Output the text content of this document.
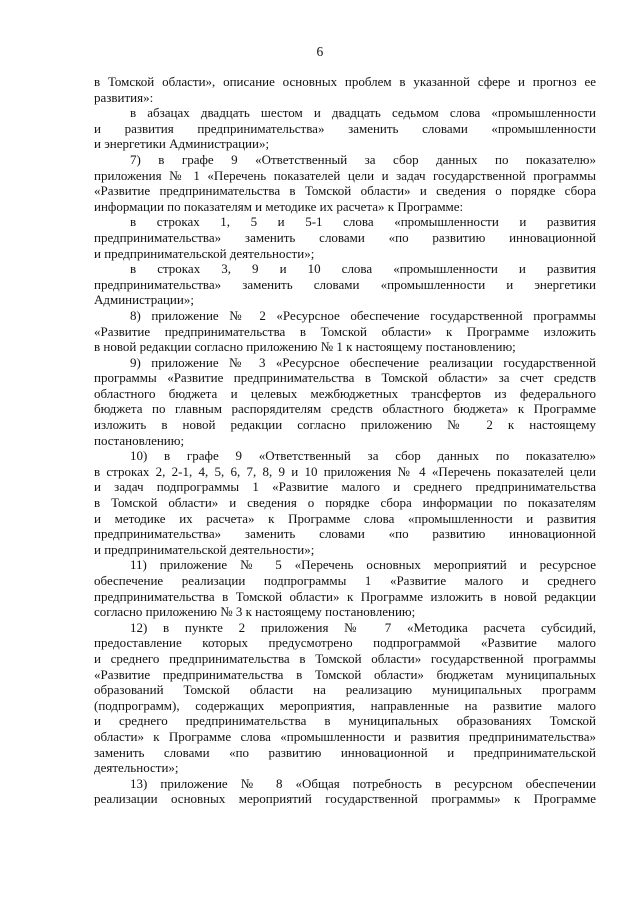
6
в Томской области», описание основных проблем в указанной сфере и прогноз ее
развития»:
в абзацах двадцать шестом и двадцать седьмом слова «промышленности
и развития предпринимательства» заменить словами «промышленности
и энергетики Администрации»;
7) в графе 9 «Ответственный за сбор данных по показателю»
приложения № 1 «Перечень показателей цели и задач государственной программы
«Развитие предпринимательства в Томской области» и сведения о порядке сбора
информации по показателям и методике их расчета» к Программе:
в строках 1, 5 и 5-1 слова «промышленности и развития
предпринимательства» заменить словами «по развитию инновационной
и предпринимательской деятельности»;
в строках 3, 9 и 10 слова «промышленности и развития
предпринимательства» заменить словами «промышленности и энергетики
Администрации»;
8) приложение № 2 «Ресурсное обеспечение государственной программы
«Развитие предпринимательства в Томской области» к Программе изложить
в новой редакции согласно приложению № 1 к настоящему постановлению;
9) приложение № 3 «Ресурсное обеспечение реализации государственной
программы «Развитие предпринимательства в Томской области» за счет средств
областного бюджета и целевых межбюджетных трансфертов из федерального
бюджета по главным распорядителям средств областного бюджета» к Программе
изложить в новой редакции согласно приложению № 2 к настоящему
постановлению;
10) в графе 9 «Ответственный за сбор данных по показателю»
в строках 2, 2-1, 4, 5, 6, 7, 8, 9 и 10 приложения № 4 «Перечень показателей цели
и задач подпрограммы 1 «Развитие малого и среднего предпринимательства
в Томской области» и сведения о порядке сбора информации по показателям
и методике их расчета» к Программе слова «промышленности и развития
предпринимательства» заменить словами «по развитию инновационной
и предпринимательской деятельности»;
11) приложение № 5 «Перечень основных мероприятий и ресурсное
обеспечение реализации подпрограммы 1 «Развитие малого и среднего
предпринимательства в Томской области» к Программе изложить в новой редакции
согласно приложению № 3 к настоящему постановлению;
12) в пункте 2 приложения № 7 «Методика расчета субсидий,
предоставление которых предусмотрено подпрограммой «Развитие малого
и среднего предпринимательства в Томской области» государственной программы
«Развитие предпринимательства в Томской области» бюджетам муниципальных
образований Томской области на реализацию муниципальных программ
(подпрограмм), содержащих мероприятия, направленные на развитие малого
и среднего предпринимательства в муниципальных образованиях Томской
области» к Программе слова «промышленности и развития предпринимательства»
заменить словами «по развитию инновационной и предпринимательской
деятельности»;
13) приложение № 8 «Общая потребность в ресурсном обеспечении
реализации основных мероприятий государственной программы» к Программе
